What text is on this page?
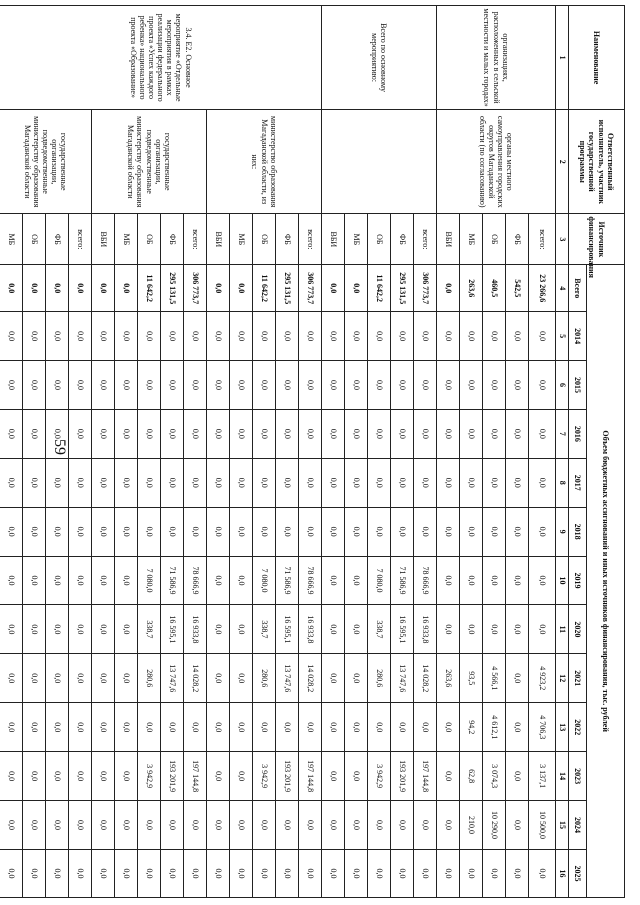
59
Наименование	Ответственный исполнитель, участник государственной программы	Источник финансирования	Объем бюджетных ассигнований и иных источников финансирования, тыс. рублей												
			Всего	2014	2015	2016	2017	2018	2019	2020	2021	2022	2023	2024	2025
1	2	3	4	5	6	7	8	9	10	11	12	13	14	15	16
организациях, расположенных в сельской местности и малых городах»	органы местного самоуправления городских округов Магаданской области (по согласованию)	всего:	23 266,6	0,0	0,0	0,0	0,0	0,0	0,0	0,0	4 923,2	4 706,3	3 137,1	10 500,0	0,0
		ФБ	542,5	0,0	0,0	0,0	0,0	0,0	0,0	0,0	0,0	0,0	0,0	0,0	0,0
		ОБ	460,5	0,0	0,0	0,0	0,0	0,0	0,0	0,0	4 566,1	4 612,1	3 074,3	10 290,0	0,0
		МБ	263,6	0,0	0,0	0,0	0,0	0,0	0,0	0,0	93,5	94,2	62,8	210,0	0,0
		ВБИ	0,0	0,0	0,0	0,0	0,0	0,0	0,0	0,0	263,6	0,0	0,0	0,0	0,0
Всего по основному мероприятию:		всего:	306 773,7	0,0	0,0	0,0	0,0	0,0	78 666,9	16 933,8	14 028,2	0,0	197 144,8	0,0	0,0
		ФБ	295 131,5	0,0	0,0	0,0	0,0	0,0	71 586,9	16 595,1	13 747,6	0,0	193 201,9	0,0	0,0
		ОБ	11 642,2	0,0	0,0	0,0	0,0	0,0	7 080,0	338,7	280,6	0,0	3 942,9	0,0	0,0
		МБ	0,0	0,0	0,0	0,0	0,0	0,0	0,0	0,0	0,0	0,0	0,0	0,0	0,0
		ВБИ	0,0	0,0	0,0	0,0	0,0	0,0	0,0	0,0	0,0	0,0	0,0	0,0	0,0
3.4. Е2. Основное мероприятие «Отдельные мероприятия в рамках реализации федерального проекта «Успех каждого ребенка» национального проекта «Образование»	министерство образования Магаданской области, из них:	всего:	306 773,7	0,0	0,0	0,0	0,0	0,0	78 666,9	16 933,8	14 028,2	0,0	197 144,8	0,0	0,0
		ФБ	295 131,5	0,0	0,0	0,0	0,0	0,0	71 586,9	16 595,1	13 747,6	0,0	193 201,9	0,0	0,0
		ОБ	11 642,2	0,0	0,0	0,0	0,0	0,0	7 080,0	338,7	280,6	0,0	3 942,9	0,0	0,0
		МБ	0,0	0,0	0,0	0,0	0,0	0,0	0,0	0,0	0,0	0,0	0,0	0,0	0,0
		ВБИ	0,0	0,0	0,0	0,0	0,0	0,0	0,0	0,0	0,0	0,0	0,0	0,0	0,0
	государственные организации, подведомственные министерству образования Магаданской области	всего:	306 773,7	0,0	0,0	0,0	0,0	0,0	78 666,9	16 933,8	14 028,2	0,0	197 144,8	0,0	0,0
		ФБ	295 131,5	0,0	0,0	0,0	0,0	0,0	71 586,9	16 595,1	13 747,6	0,0	193 201,9	0,0	0,0
		ОБ	11 642,2	0,0	0,0	0,0	0,0	0,0	7 080,0	338,7	280,6	0,0	3 942,9	0,0	0,0
		МБ	0,0	0,0	0,0	0,0	0,0	0,0	0,0	0,0	0,0	0,0	0,0	0,0	0,0
		ВБИ	0,0	0,0	0,0	0,0	0,0	0,0	0,0	0,0	0,0	0,0	0,0	0,0	0,0
	государственные организации, подведомственные министерству образования Магаданской области	всего:	0,0	0,0	0,0	0,0	0,0	0,0	0,0	0,0	0,0	0,0	0,0	0,0	0,0
		ФБ	0,0	0,0	0,0	0,0	0,0	0,0	0,0	0,0	0,0	0,0	0,0	0,0	0,0
		ОБ	0,0	0,0	0,0	0,0	0,0	0,0	0,0	0,0	0,0	0,0	0,0	0,0	0,0
		МБ	0,0	0,0	0,0	0,0	0,0	0,0	0,0	0,0	0,0	0,0	0,0	0,0	0,0
